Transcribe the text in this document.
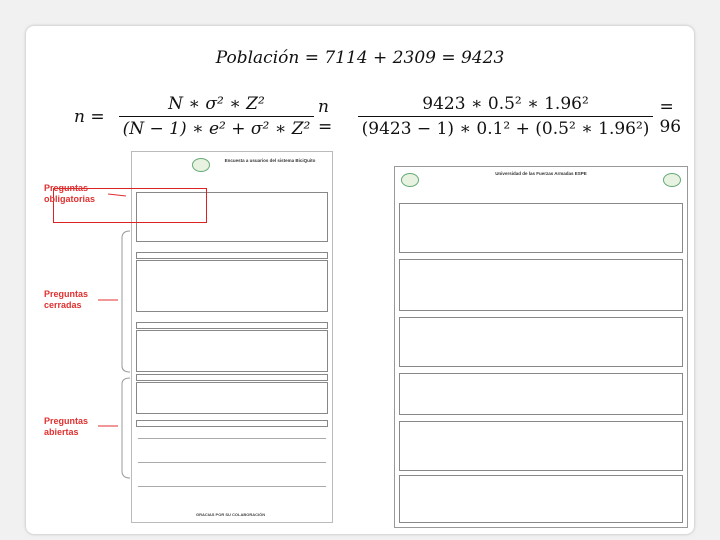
Población = 7114 + 2309 = 9423
$n = \frac{\text{N ∗ σ² ∗ Z²}}{\text{(N − 1) ∗ e² + σ² ∗ Z²}}$ n =	$\frac{\text{9423 ∗ 0.5² ∗ 1.96²}}{\text{(9423 − 1) ∗ 0.1² + (0.5² ∗ 1.96²)}} = 96$
Encuesta a usuarios del sistema BiciQuito
GRACIAS POR SU COLABORACIÓN
Universidad de las Fuerzas Armadas ESPE
Preguntas obligatorias
Preguntas cerradas
Preguntas abiertas
